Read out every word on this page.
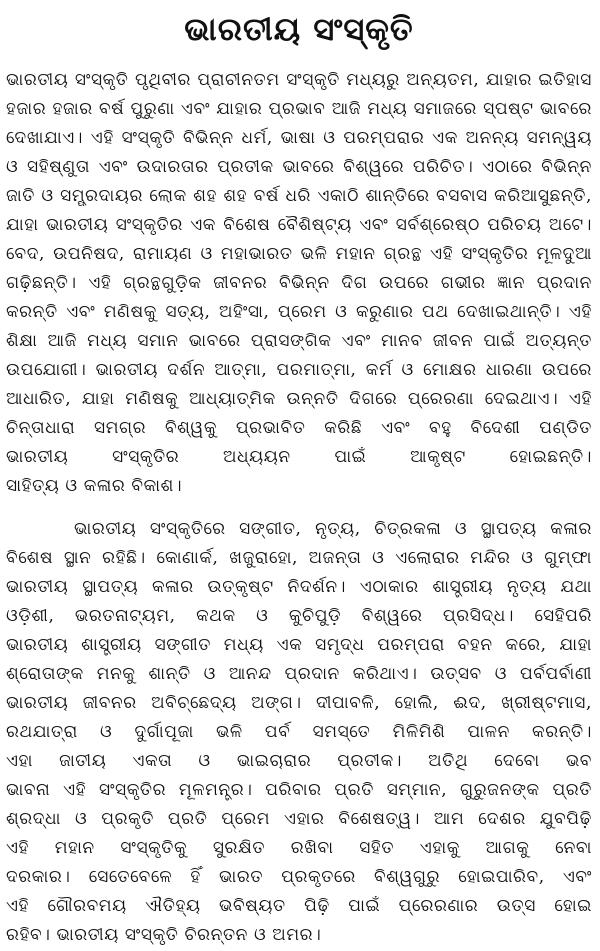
ଭାରତୀୟ ସଂସ୍କୃତି
ଭାରତୀୟ ସଂସ୍କୃତି ପୃଥିବୀର ପ୍ରାଚୀନତମ ସଂସ୍କୃତି ମଧ୍ୟରୁ ଅନ୍ୟତମ, ଯାହାର ଇତିହାସ
ହଜାର ହଜାର ବର୍ଷ ପୁରୁଣା ଏବଂ ଯାହାର ପ୍ରଭାବ ଆଜି ମଧ୍ୟ ସମାଜରେ ସ୍ପଷ୍ଟ ଭାବରେ
ଦେଖାଯାଏ। ଏହି ସଂସ୍କୃତି ବିଭିନ୍ନ ଧର୍ମ, ଭାଷା ଓ ପରମ୍ପରାର ଏକ ଅନନ୍ୟ ସମନ୍ୱୟ
ଓ ସହିଷ୍ଣୁତା ଏବଂ ଉଦାରତାର ପ୍ରତୀକ ଭାବରେ ବିଶ୍ୱରେ ପରିଚିତ। ଏଠାରେ ବିଭିନ୍ନ
ଜାତି ଓ ସମ୍ପ୍ରଦାୟର ଲୋକ ଶହ ଶହ ବର୍ଷ ଧରି ଏକାଠି ଶାନ୍ତିରେ ବସବାସ କରିଆସୁଛନ୍ତି,
ଯାହା ଭାରତୀୟ ସଂସ୍କୃତିର ଏକ ବିଶେଷ ବୈଶିଷ୍ଟ୍ୟ ଏବଂ ସର୍ବଶ୍ରେଷ୍ଠ ପରିଚୟ ଅଟେ।
ବେଦ, ଉପନିଷଦ, ରାମାୟଣ ଓ ମହାଭାରତ ଭଳି ମହାନ ଗ୍ରନ୍ଥ ଏହି ସଂସ୍କୃତିର ମୂଳଦୁଆ
ଗଢ଼ିଛନ୍ତି। ଏହି ଗ୍ରନ୍ଥଗୁଡ଼ିକ ଜୀବନର ବିଭିନ୍ନ ଦିଗ ଉପରେ ଗଭୀର ଜ୍ଞାନ ପ୍ରଦାନ
କରନ୍ତି ଏବଂ ମଣିଷକୁ ସତ୍ୟ, ଅହିଂସା, ପ୍ରେମ ଓ କରୁଣାର ପଥ ଦେଖାଇଥାନ୍ତି। ଏହି
ଶିକ୍ଷା ଆଜି ମଧ୍ୟ ସମାନ ଭାବରେ ପ୍ରାସଙ୍ଗିକ ଏବଂ ମାନବ ଜୀବନ ପାଇଁ ଅତ୍ୟନ୍ତ
ଉପଯୋଗୀ। ଭାରତୀୟ ଦର୍ଶନ ଆତ୍ମା, ପରମାତ୍ମା, କର୍ମ ଓ ମୋକ୍ଷର ଧାରଣା ଉପରେ
ଆଧାରିତ, ଯାହା ମଣିଷକୁ ଆଧ୍ୟାତ୍ମିକ ଉନ୍ନତି ଦିଗରେ ପ୍ରେରଣା ଦେଇଥାଏ। ଏହି
ଚିନ୍ତାଧାରା ସମଗ୍ର ବିଶ୍ୱକୁ ପ୍ରଭାବିତ କରିଛି ଏବଂ ବହୁ ବିଦେଶୀ ପଣ୍ଡିତ
ଭାରତୀୟ ସଂସ୍କୃତିର ଅଧ୍ୟୟନ ପାଇଁ ଆକୃଷ୍ଟ ହୋଇଛନ୍ତି।
ସାହିତ୍ୟ ଓ କଳାର ବିକାଶ।
ଭାରତୀୟ ସଂସ୍କୃତିରେ ସଙ୍ଗୀତ, ନୃତ୍ୟ, ଚିତ୍ରକଳା ଓ ସ୍ଥାପତ୍ୟ କଳାର
ବିଶେଷ ସ୍ଥାନ ରହିଛି। କୋଣାର୍କ, ଖଜୁରାହୋ, ଅଜନ୍ତା ଓ ଏଲୋରାର ମନ୍ଦିର ଓ ଗୁମ୍ଫା
ଭାରତୀୟ ସ୍ଥାପତ୍ୟ କଳାର ଉତ୍କୃଷ୍ଟ ନିଦର୍ଶନ। ଏଠାକାର ଶାସ୍ତ୍ରୀୟ ନୃତ୍ୟ ଯଥା
ଓଡ଼ିଶୀ, ଭରତନାଟ୍ୟମ, କଥକ ଓ କୁଚିପୁଡ଼ି ବିଶ୍ୱରେ ପ୍ରସିଦ୍ଧ। ସେହିପରି
ଭାରତୀୟ ଶାସ୍ତ୍ରୀୟ ସଙ୍ଗୀତ ମଧ୍ୟ ଏକ ସମୃଦ୍ଧ ପରମ୍ପରା ବହନ କରେ, ଯାହା
ଶ୍ରୋତାଙ୍କ ମନକୁ ଶାନ୍ତି ଓ ଆନନ୍ଦ ପ୍ରଦାନ କରିଥାଏ। ଉତ୍ସବ ଓ ପର୍ବପର୍ବାଣୀ
ଭାରତୀୟ ଜୀବନର ଅବିଚ୍ଛେଦ୍ୟ ଅଙ୍ଗ। ଦୀପାବଳି, ହୋଲି, ଈଦ, ଖ୍ରୀଷ୍ଟମାସ,
ରଥଯାତ୍ରା ଓ ଦୁର୍ଗାପୂଜା ଭଳି ପର୍ବ ସମସ୍ତେ ମିଳିମିଶି ପାଳନ କରନ୍ତି।
ଏହା ଜାତୀୟ ଏକତା ଓ ଭାଇଚାରାର ପ୍ରତୀକ। ଅତିଥି ଦେବୋ ଭବ
ଭାବନା ଏହି ସଂସ୍କୃତିର ମୂଳମନ୍ତ୍ର। ପରିବାର ପ୍ରତି ସମ୍ମାନ, ଗୁରୁଜନଙ୍କ ପ୍ରତି
ଶ୍ରଦ୍ଧା ଓ ପ୍ରକୃତି ପ୍ରତି ପ୍ରେମ ଏହାର ବିଶେଷତ୍ୱ। ଆମ ଦେଶର ଯୁବପିଢ଼ି
ଏହି ମହାନ ସଂସ୍କୃତିକୁ ସୁରକ୍ଷିତ ରଖିବା ସହିତ ଏହାକୁ ଆଗକୁ ନେବା
ଦରକାର। ସେତେବେଳେ ହିଁ ଭାରତ ପ୍ରକୃତରେ ବିଶ୍ୱଗୁରୁ ହୋଇପାରିବ, ଏବଂ
ଏହି ଗୌରବମୟ ଐତିହ୍ୟ ଭବିଷ୍ୟତ ପିଢ଼ି ପାଇଁ ପ୍ରେରଣାର ଉତ୍ସ ହୋଇ
ରହିବ। ଭାରତୀୟ ସଂସ୍କୃତି ଚିରନ୍ତନ ଓ ଅମର।
